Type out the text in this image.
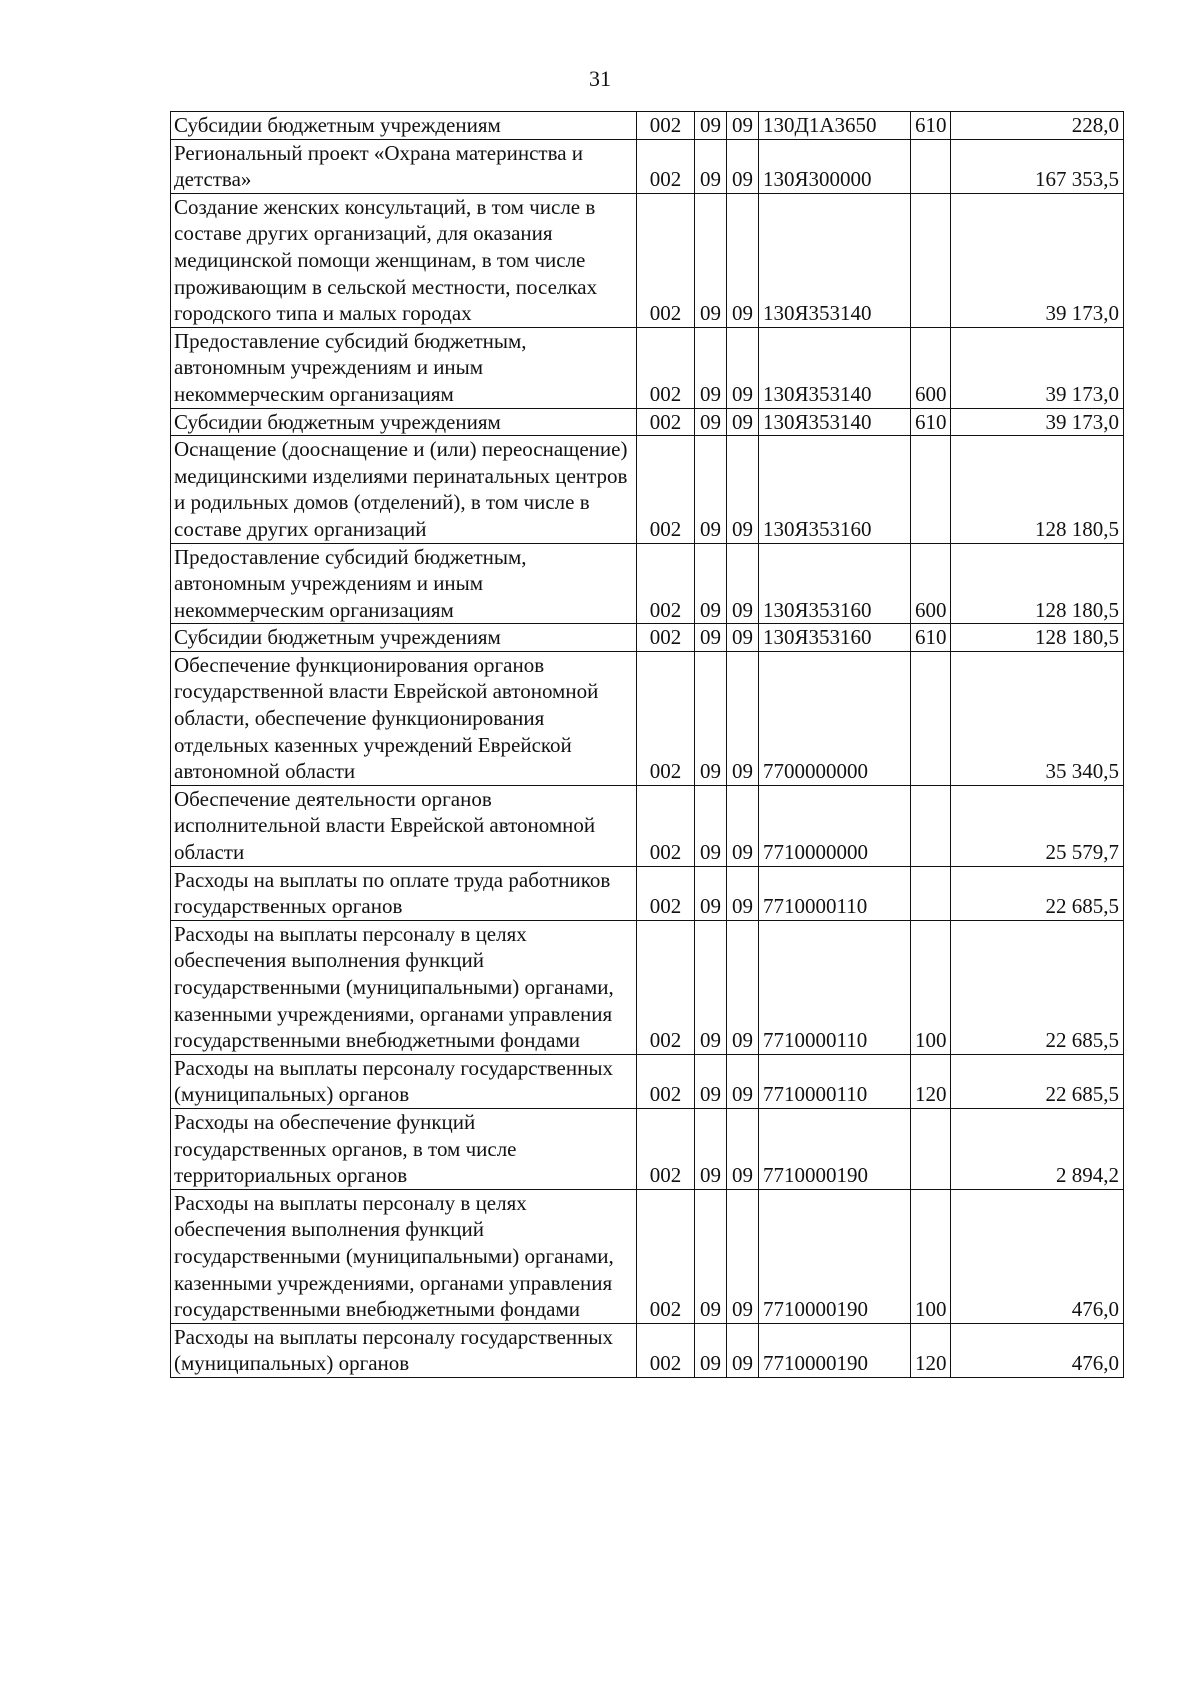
31
Субсидии бюджетным учреждениям	002	09	09	130Д1А3650	610	228,0
Региональный проект «Охрана материнства и детства»	002	09	09	130Я300000		167 353,5
Создание женских консультаций, в том числе в составе других организаций, для оказания медицинской помощи женщинам, в том числе проживающим в сельской местности, поселках городского типа и малых городах	002	09	09	130Я353140		39 173,0
Предоставление субсидий бюджетным, автономным учреждениям и иным некоммерческим организациям	002	09	09	130Я353140	600	39 173,0
Субсидии бюджетным учреждениям	002	09	09	130Я353140	610	39 173,0
Оснащение (дооснащение и (или) переоснащение) медицинскими изделиями перинатальных центров и родильных домов (отделений), в том числе в составе других организаций	002	09	09	130Я353160		128 180,5
Предоставление субсидий бюджетным, автономным учреждениям и иным некоммерческим организациям	002	09	09	130Я353160	600	128 180,5
Субсидии бюджетным учреждениям	002	09	09	130Я353160	610	128 180,5
Обеспечение функционирования органов государственной власти Еврейской автономной области, обеспечение функционирования отдельных казенных учреждений Еврейской автономной области	002	09	09	7700000000		35 340,5
Обеспечение деятельности органов исполнительной власти Еврейской автономной области	002	09	09	7710000000		25 579,7
Расходы на выплаты по оплате труда работников государственных органов	002	09	09	7710000110		22 685,5
Расходы на выплаты персоналу в целях обеспечения выполнения функций государственными (муниципальными) органами, казенными учреждениями, органами управления государственными внебюджетными фондами	002	09	09	7710000110	100	22 685,5
Расходы на выплаты персоналу государственных (муниципальных) органов	002	09	09	7710000110	120	22 685,5
Расходы на обеспечение функций государственных органов, в том числе территориальных органов	002	09	09	7710000190		2 894,2
Расходы на выплаты персоналу в целях обеспечения выполнения функций государственными (муниципальными) органами, казенными учреждениями, органами управления государственными внебюджетными фондами	002	09	09	7710000190	100	476,0
Расходы на выплаты персоналу государственных (муниципальных) органов	002	09	09	7710000190	120	476,0
